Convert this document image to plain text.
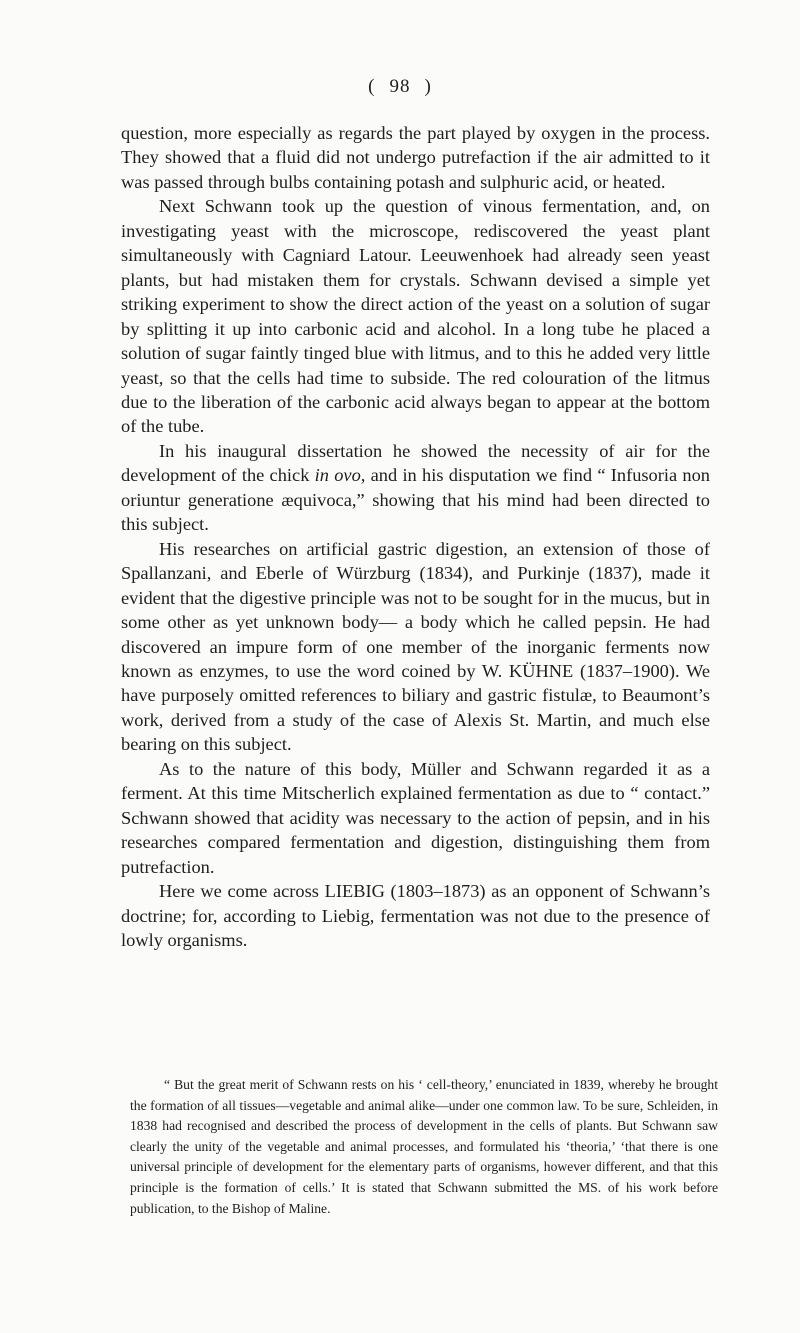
( 98 )

question, more especially as regards the part played by oxygen in the process. They showed that a fluid did not undergo putrefaction if the air admitted to it was passed through bulbs containing potash and sulphuric acid, or heated.

Next Schwann took up the question of vinous fermentation, and, on investigating yeast with the microscope, rediscovered the yeast plant simultaneously with Cagniard Latour. Leeuwenhoek had already seen yeast plants, but had mistaken them for crystals. Schwann devised a simple yet striking experiment to show the direct action of the yeast on a solution of sugar by splitting it up into carbonic acid and alcohol. In a long tube he placed a solution of sugar faintly tinged blue with litmus, and to this he added very little yeast, so that the cells had time to subside. The red colouration of the litmus due to the liberation of the carbonic acid always began to appear at the bottom of the tube.

In his inaugural dissertation he showed the necessity of air for the development of the chick in ovo, and in his disputation we find “ Infusoria non oriuntur generatione æquivoca,” showing that his mind had been directed to this subject.

His researches on artificial gastric digestion, an extension of those of Spallanzani, and Eberle of Würzburg (1834), and Purkinje (1837), made it evident that the digestive principle was not to be sought for in the mucus, but in some other as yet unknown body— a body which he called pepsin. He had discovered an impure form of one member of the inorganic ferments now known as enzymes, to use the word coined by W. KÜHNE (1837–1900). We have purposely omitted references to biliary and gastric fistulæ, to Beaumont’s work, derived from a study of the case of Alexis St. Martin, and much else bearing on this subject.

As to the nature of this body, Müller and Schwann regarded it as a ferment. At this time Mitscherlich explained fermentation as due to “ contact.” Schwann showed that acidity was necessary to the action of pepsin, and in his researches compared fermentation and digestion, distinguishing them from putrefaction.

Here we come across LIEBIG (1803–1873) as an opponent of Schwann’s doctrine; for, according to Liebig, fermentation was not due to the presence of lowly organisms.

“ But the great merit of Schwann rests on his ‘ cell-theory,’ enunciated in 1839, whereby he brought the formation of all tissues—vegetable and animal alike—under one common law. To be sure, Schleiden, in 1838 had recognised and described the process of development in the cells of plants. But Schwann saw clearly the unity of the vegetable and animal processes, and formulated his ‘theoria,’ ‘that there is one universal principle of development for the elementary parts of organisms, however different, and that this principle is the formation of cells.’ It is stated that Schwann submitted the MS. of his work before publication, to the Bishop of Maline.
